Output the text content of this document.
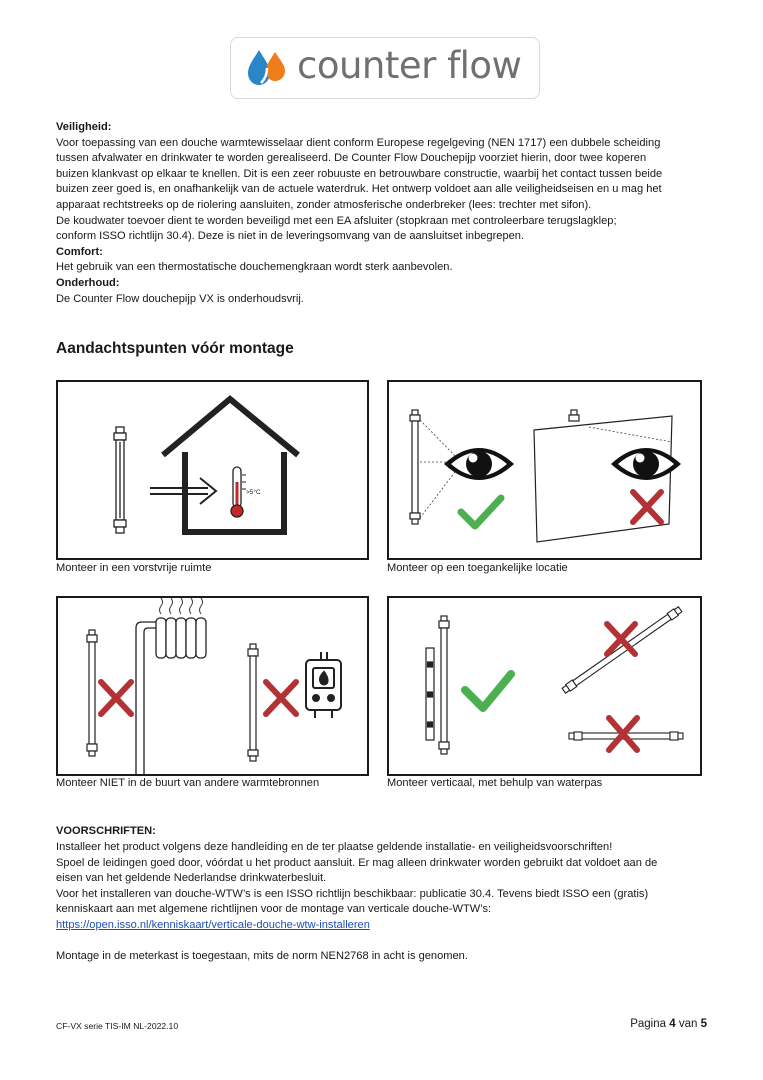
counter flow
Veiligheid:
Voor toepassing van een douche warmtewisselaar dient conform Europese regelgeving (NEN 1717) een dubbele scheiding
tussen afvalwater en drinkwater te worden gerealiseerd. De Counter Flow Douchepijp voorziet hierin, door twee koperen
buizen klankvast op elkaar te knellen. Dit is een zeer robuuste en betrouwbare constructie, waarbij het contact tussen beide
buizen zeer goed is, en onafhankelijk van de actuele waterdruk. Het ontwerp voldoet aan alle veiligheidseisen en u mag het
apparaat rechtstreeks op de riolering aansluiten, zonder atmosferische onderbreker (lees: trechter met sifon).
De koudwater toevoer dient te worden beveiligd met een EA afsluiter (stopkraan met controleerbare terugslagklep;
conform ISSO richtlijn 30.4). Deze is niet in de leveringsomvang van de aansluitset inbegrepen.
Comfort:
Het gebruik van een thermostatische douchemengkraan wordt sterk aanbevolen.
Onderhoud:
De Counter Flow douchepijp VX is onderhoudsvrij.
Aandachtspunten vóór montage
>5°C
Monteer in een vorstvrije ruimte	Monteer op een toegankelijke locatie
Monteer NIET in de buurt van andere warmtebronnen	Monteer verticaal, met behulp van waterpas
VOORSCHRIFTEN:
Installeer het product volgens deze handleiding en de ter plaatse geldende installatie- en veiligheidsvoorschriften!
Spoel de leidingen goed door, vóórdat u het product aansluit. Er mag alleen drinkwater worden gebruikt dat voldoet aan de
eisen van het geldende Nederlandse drinkwaterbesluit.
Voor het installeren van douche-WTW’s is een ISSO richtlijn beschikbaar: publicatie 30.4. Tevens biedt ISSO een (gratis)
kenniskaart aan met algemene richtlijnen voor de montage van verticale douche-WTW’s:
https://open.isso.nl/kenniskaart/verticale-douche-wtw-installeren
Montage in de meterkast is toegestaan, mits de norm NEN2768 in acht is genomen.
CF-VX serie TIS-IM NL-2022.10	Pagina 4 van 5
